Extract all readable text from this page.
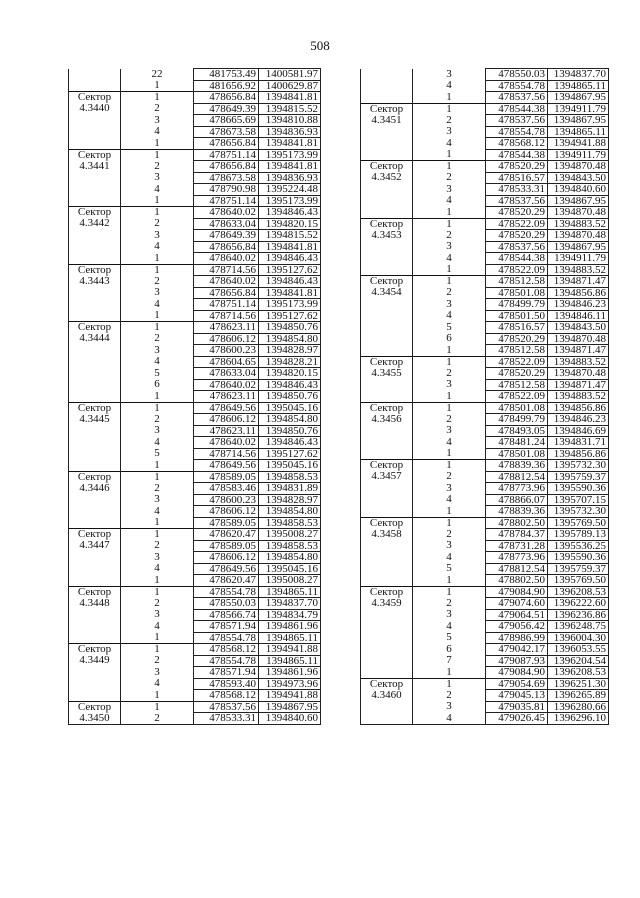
508
	22	481753.49	1400581.97
	1	481656.92	1400629.87
Сектор	1	478656.84	1394841.81
4.3440	2	478649.39	1394815.52
	3	478665.69	1394810.88
	4	478673.58	1394836.93
	1	478656.84	1394841.81
Сектор	1	478751.14	1395173.99
4.3441	2	478656.84	1394841.81
	3	478673.58	1394836.93
	4	478790.98	1395224.48
	1	478751.14	1395173.99
Сектор	1	478640.02	1394846.43
4.3442	2	478633.04	1394820.15
	3	478649.39	1394815.52
	4	478656.84	1394841.81
	1	478640.02	1394846.43
Сектор	1	478714.56	1395127.62
4.3443	2	478640.02	1394846.43
	3	478656.84	1394841.81
	4	478751.14	1395173.99
	1	478714.56	1395127.62
Сектор	1	478623.11	1394850.76
4.3444	2	478606.12	1394854.80
	3	478600.23	1394828.97
	4	478604.65	1394828.21
	5	478633.04	1394820.15
	6	478640.02	1394846.43
	1	478623.11	1394850.76
Сектор	1	478649.56	1395045.16
4.3445	2	478606.12	1394854.80
	3	478623.11	1394850.76
	4	478640.02	1394846.43
	5	478714.56	1395127.62
	1	478649.56	1395045.16
Сектор	1	478589.05	1394858.53
4.3446	2	478583.46	1394831.89
	3	478600.23	1394828.97
	4	478606.12	1394854.80
	1	478589.05	1394858.53
Сектор	1	478620.47	1395008.27
4.3447	2	478589.05	1394858.53
	3	478606.12	1394854.80
	4	478649.56	1395045.16
	1	478620.47	1395008.27
Сектор	1	478554.78	1394865.11
4.3448	2	478550.03	1394837.70
	3	478566.74	1394834.79
	4	478571.94	1394861.96
	1	478554.78	1394865.11
Сектор	1	478568.12	1394941.88
4.3449	2	478554.78	1394865.11
	3	478571.94	1394861.96
	4	478593.40	1394973.96
	1	478568.12	1394941.88
Сектор	1	478537.56	1394867.95
4.3450	2	478533.31	1394840.60
	3	478550.03	1394837.70
	4	478554.78	1394865.11
	1	478537.56	1394867.95
Сектор	1	478544.38	1394911.79
4.3451	2	478537.56	1394867.95
	3	478554.78	1394865.11
	4	478568.12	1394941.88
	1	478544.38	1394911.79
Сектор	1	478520.29	1394870.48
4.3452	2	478516.57	1394843.50
	3	478533.31	1394840.60
	4	478537.56	1394867.95
	1	478520.29	1394870.48
Сектор	1	478522.09	1394883.52
4.3453	2	478520.29	1394870.48
	3	478537.56	1394867.95
	4	478544.38	1394911.79
	1	478522.09	1394883.52
Сектор	1	478512.58	1394871.47
4.3454	2	478501.08	1394856.86
	3	478499.79	1394846.23
	4	478501.50	1394846.11
	5	478516.57	1394843.50
	6	478520.29	1394870.48
	1	478512.58	1394871.47
Сектор	1	478522.09	1394883.52
4.3455	2	478520.29	1394870.48
	3	478512.58	1394871.47
	1	478522.09	1394883.52
Сектор	1	478501.08	1394856.86
4.3456	2	478499.79	1394846.23
	3	478493.05	1394846.69
	4	478481.24	1394831.71
	1	478501.08	1394856.86
Сектор	1	478839.36	1395732.30
4.3457	2	478812.54	1395759.37
	3	478773.96	1395590.36
	4	478866.07	1395707.15
	1	478839.36	1395732.30
Сектор	1	478802.50	1395769.50
4.3458	2	478784.37	1395789.13
	3	478731.28	1395536.25
	4	478773.96	1395590.36
	5	478812.54	1395759.37
	1	478802.50	1395769.50
Сектор	1	479084.90	1396208.53
4.3459	2	479074.60	1396222.60
	3	479064.51	1396236.86
	4	479056.42	1396248.75
	5	478986.99	1396004.30
	6	479042.17	1396053.55
	7	479087.93	1396204.54
	1	479084.90	1396208.53
Сектор	1	479054.69	1396251.30
4.3460	2	479045.13	1396265.89
	3	479035.81	1396280.66
	4	479026.45	1396296.10
